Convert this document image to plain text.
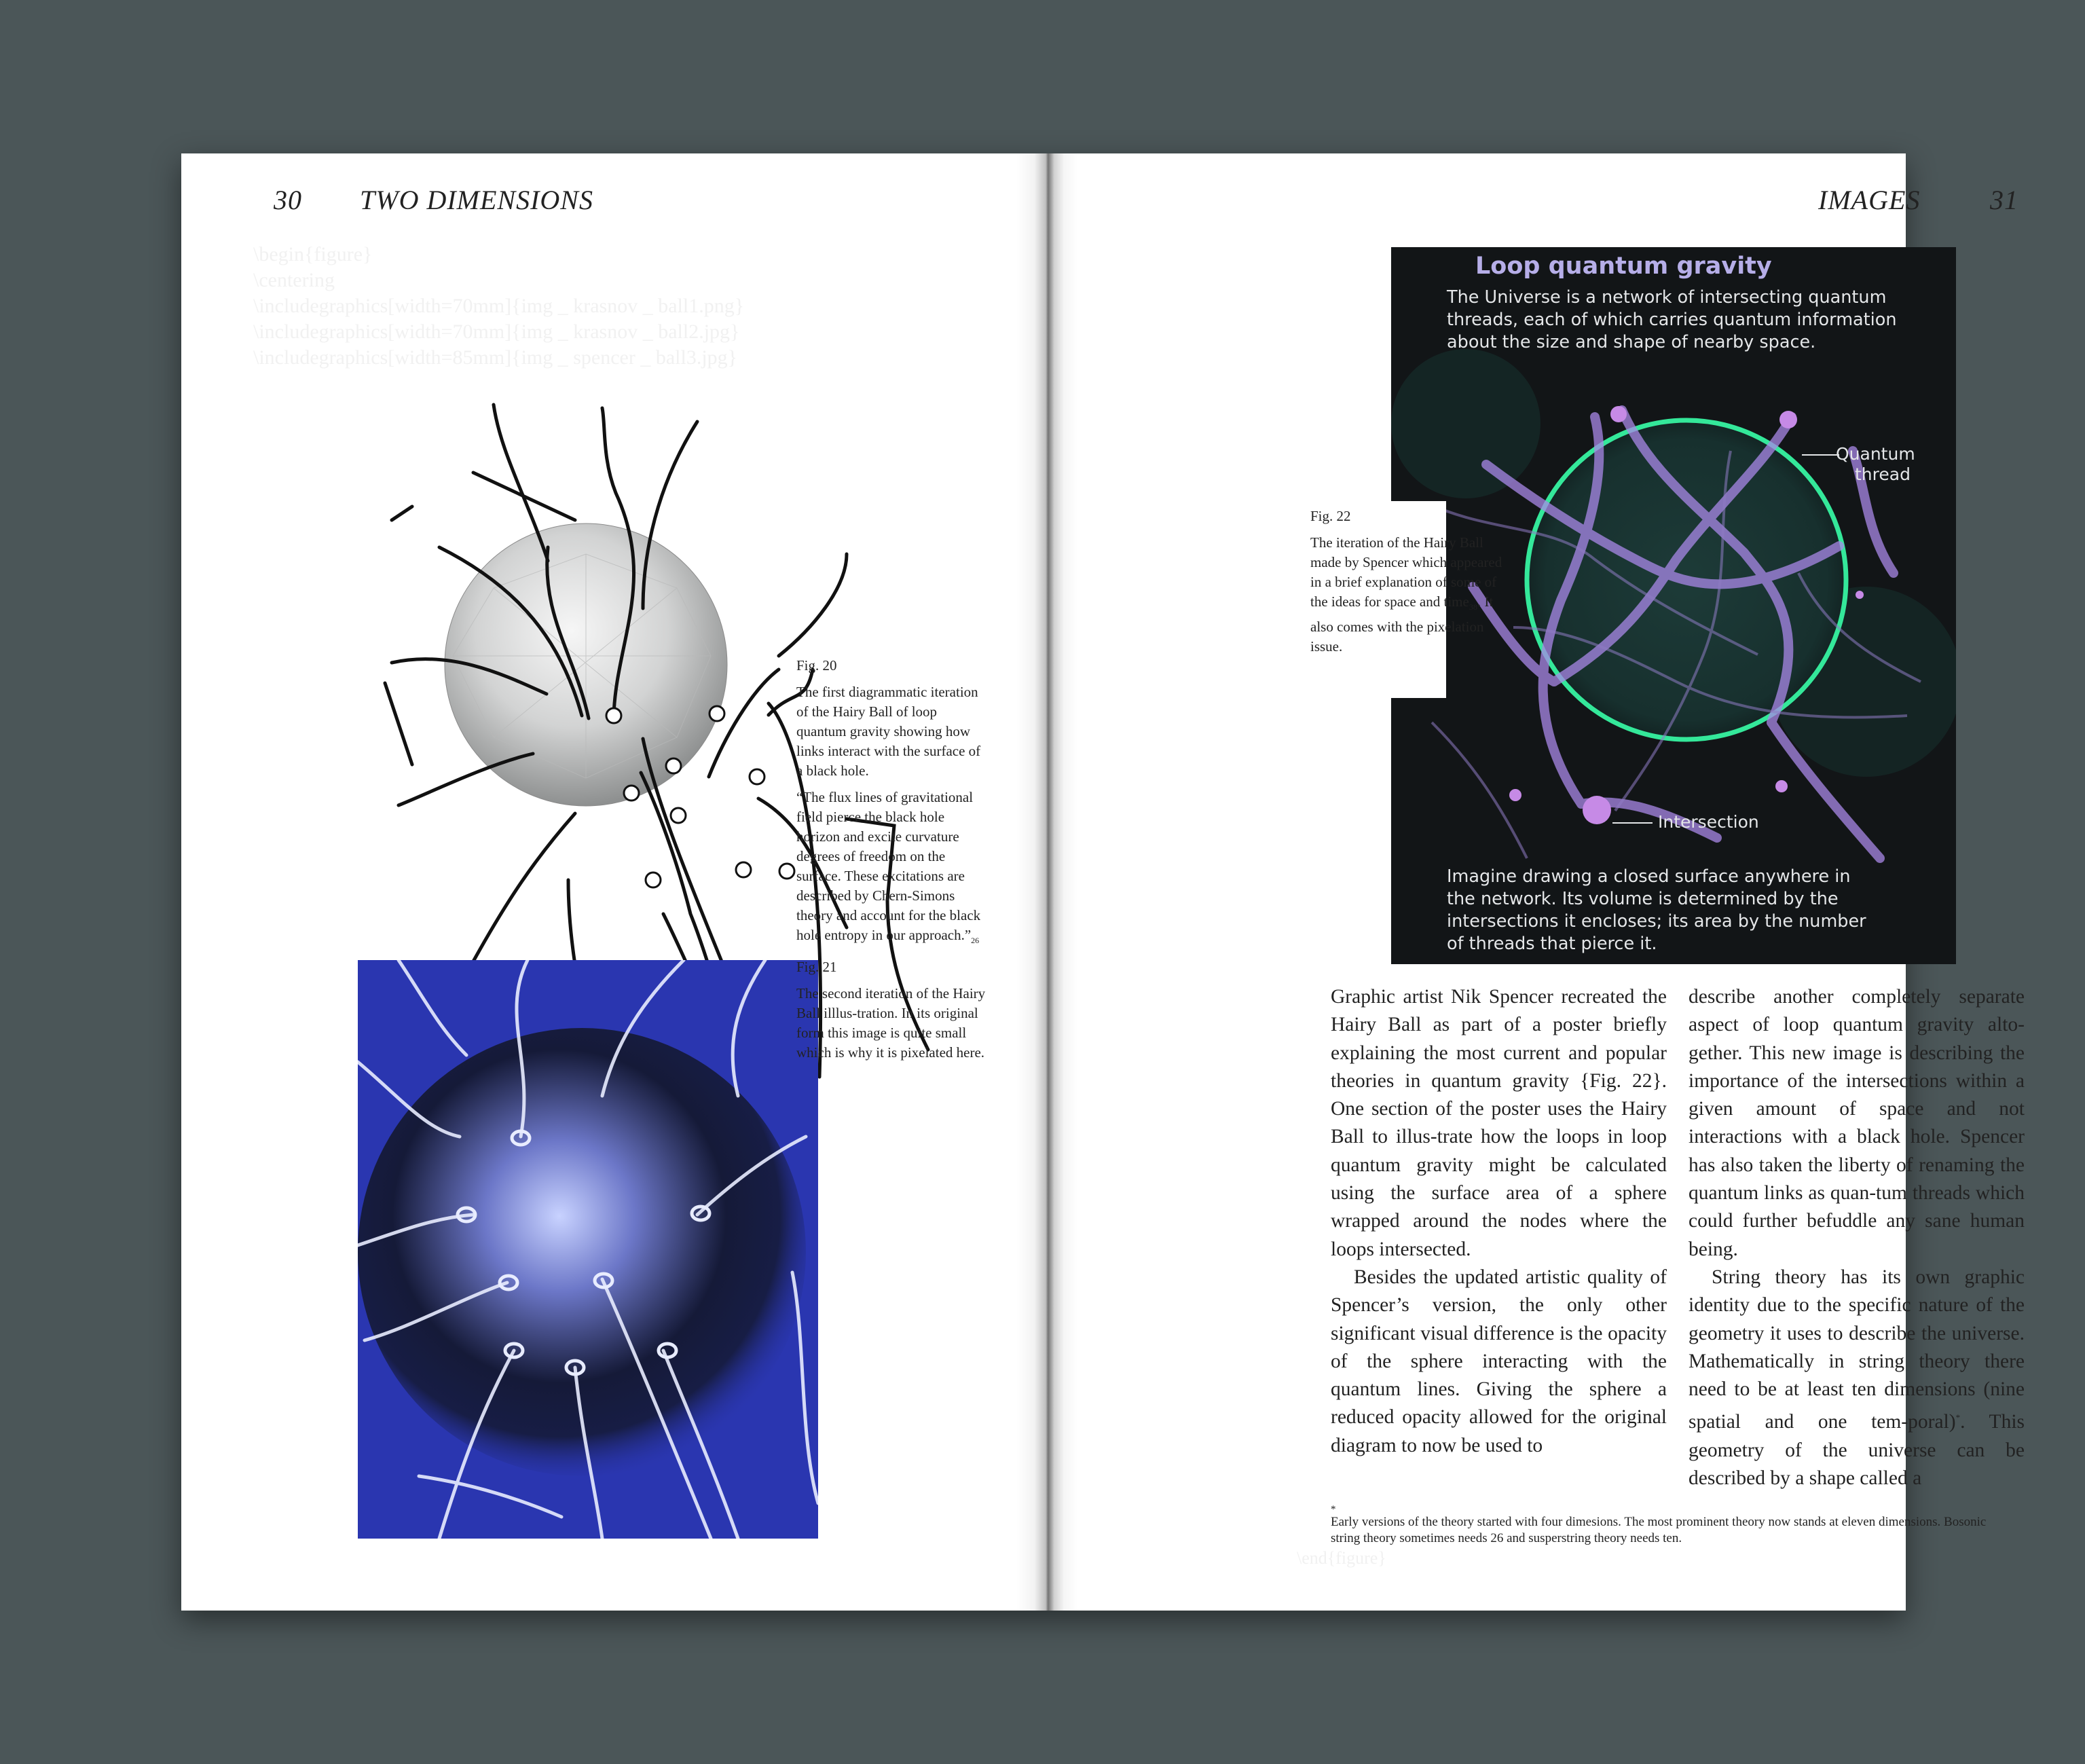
30 TWO DIMENSIONS
\begin{figure}
\centering
\includegraphics[width=70mm]{img _ krasnov _ ball1.png}
\includegraphics[width=70mm]{img _ krasnov _ ball2.jpg}
\includegraphics[width=85mm]{img _ spencer _ ball3.jpg}

Fig. 20

The first diagrammatic iteration of the Hairy Ball of loop quantum gravity showing how links interact with the surface of a black hole.

“The flux lines of gravitational field pierce the black hole horizon and excite curvature degrees of freedom on the surface. These excitations are described by Chern-Simons theory and account for the black hole entropy in our $approach.”_{26}$

Fig. 21

The second iteration of the Hairy Ball illlus-tration. In its original form this image is quite small which is why it is pixelated here.

IMAGES	31
Loop quantum gravity
The Universe is a network of intersecting quantum
threads, each of which carries quantum information
about the size and shape of nearby space.
Quantum
thread
Intersection
Imagine drawing a closed surface anywhere in
the network. Its volume is determined by the
intersections it encloses; its area by the number
of threads that pierce it.

Fig. 22

The iteration of the Hairy Ball made by Spencer which appeared in a brief explanation of some of the ideas for space and time$_{38}$. It also comes with the pixelation issue.

Graphic artist Nik Spencer recreated the Hairy Ball as part of a poster briefly explaining the most current and popular theories in quantum gravity {Fig. 22}. One section of the poster uses the Hairy Ball to illus-trate how the loops in loop quantum gravity might be calculated using the surface area of a sphere wrapped around the nodes where the loops intersected.

Besides the updated artistic quality of Spencer’s version, the only other significant visual difference is the opacity of the sphere interacting with the quantum lines. Giving the sphere a reduced opacity allowed for the original diagram to now be used to

describe another completely separate aspect of loop quantum gravity alto-gether. This new image is describing the importance of the intersections within a given amount of space and not interactions with a black hole. Spencer has also taken the liberty of renaming the quantum links as quan-tum threads which could further befuddle any sane human being.

String theory has its own graphic identity due to the specific nature of the geometry it uses to describe the universe. Mathematically in string theory there need to be at least ten dimensions (nine spatial and one tem-poral)*. This geometry of the universe can be described by a shape called a

*
Early versions of the theory started with four dimesions. The most prominent theory now stands at eleven dimensions. Bosonic string theory sometimes needs 26 and susperstring theory needs ten.
\end{figure}
